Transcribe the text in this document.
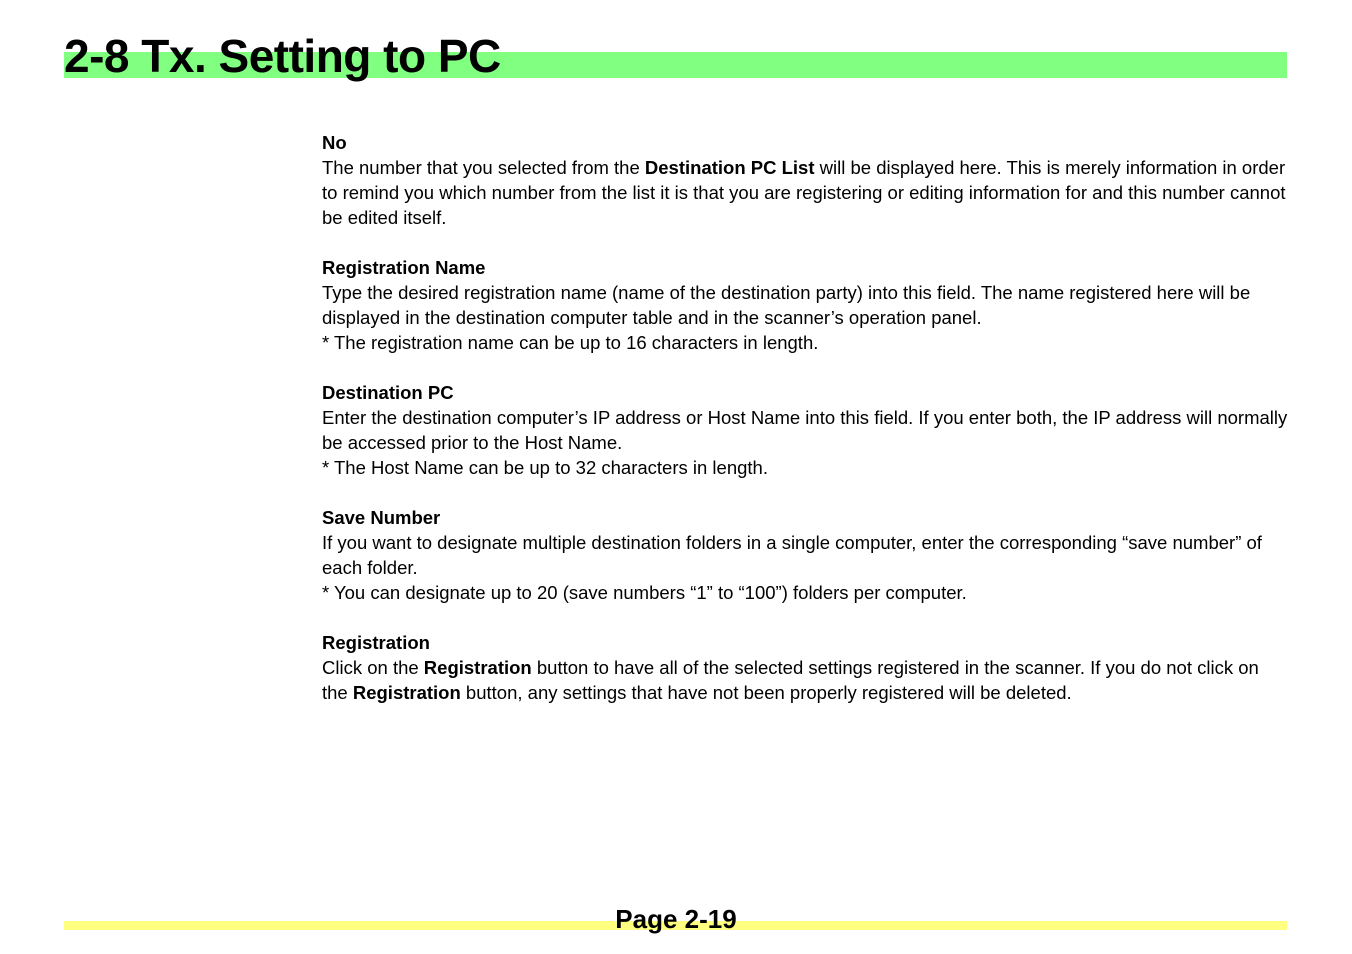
2-8 Tx. Setting to PC
No

The number that you selected from the Destination PC List will be displayed here. This is merely information in order to remind you which number from the list it is that you are registering or editing information for and this number cannot be edited itself.

Registration Name

Type the desired registration name (name of the destination party) into this field. The name registered here will be displayed in the destination computer table and in the scanner’s operation panel.

* The registration name can be up to 16 characters in length.

Destination PC

Enter the destination computer’s IP address or Host Name into this field. If you enter both, the IP address will normally be accessed prior to the Host Name.

* The Host Name can be up to 32 characters in length.

Save Number

If you want to designate multiple destination folders in a single computer, enter the corresponding “save number” of each folder.

* You can designate up to 20 (save numbers “1” to “100”) folders per computer.

Registration

Click on the Registration button to have all of the selected settings registered in the scanner. If you do not click on the Registration button, any settings that have not been properly registered will be deleted.

Page 2-19
